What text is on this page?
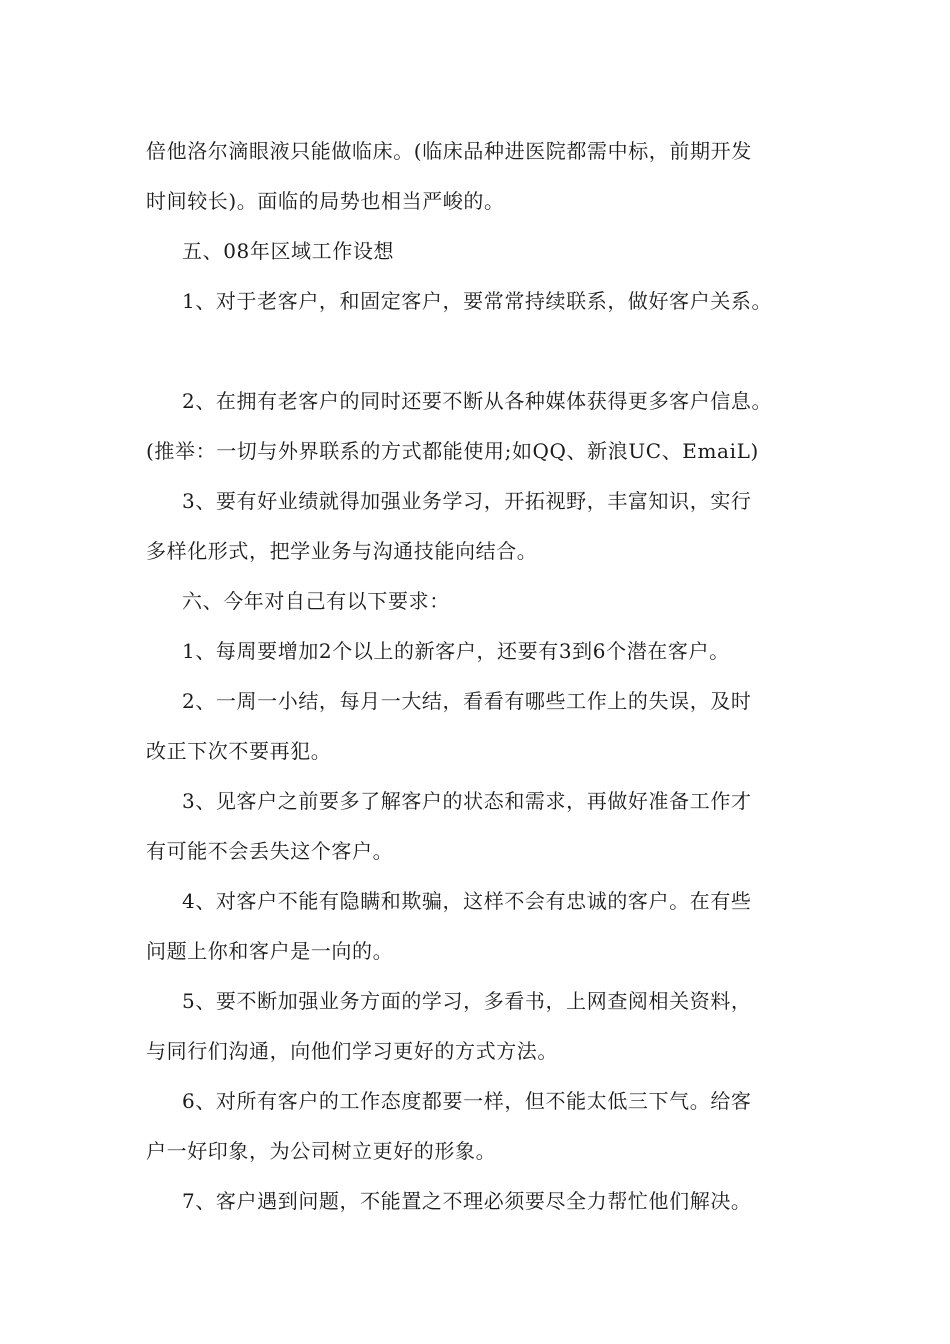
倍他洛尔滴眼液只能做临床。(临床品种进医院都需中标，前期开发
时间较长)。面临的局势也相当严峻的。
五、08年区域工作设想
1、对于老客户，和固定客户，要常常持续联系，做好客户关系。
2、在拥有老客户的同时还要不断从各种媒体获得更多客户信息。
(推举：一切与外界联系的方式都能使用;如QQ、新浪UC、EmaiL)
3、要有好业绩就得加强业务学习，开拓视野，丰富知识，实行
多样化形式，把学业务与沟通技能向结合。
六、今年对自己有以下要求：
1、每周要增加2个以上的新客户，还要有3到6个潜在客户。
2、一周一小结，每月一大结，看看有哪些工作上的失误，及时
改正下次不要再犯。
3、见客户之前要多了解客户的状态和需求，再做好准备工作才
有可能不会丢失这个客户。
4、对客户不能有隐瞒和欺骗，这样不会有忠诚的客户。在有些
问题上你和客户是一向的。
5、要不断加强业务方面的学习，多看书，上网查阅相关资料，
与同行们沟通，向他们学习更好的方式方法。
6、对所有客户的工作态度都要一样，但不能太低三下气。给客
户一好印象，为公司树立更好的形象。
7、客户遇到问题，不能置之不理必须要尽全力帮忙他们解决。
